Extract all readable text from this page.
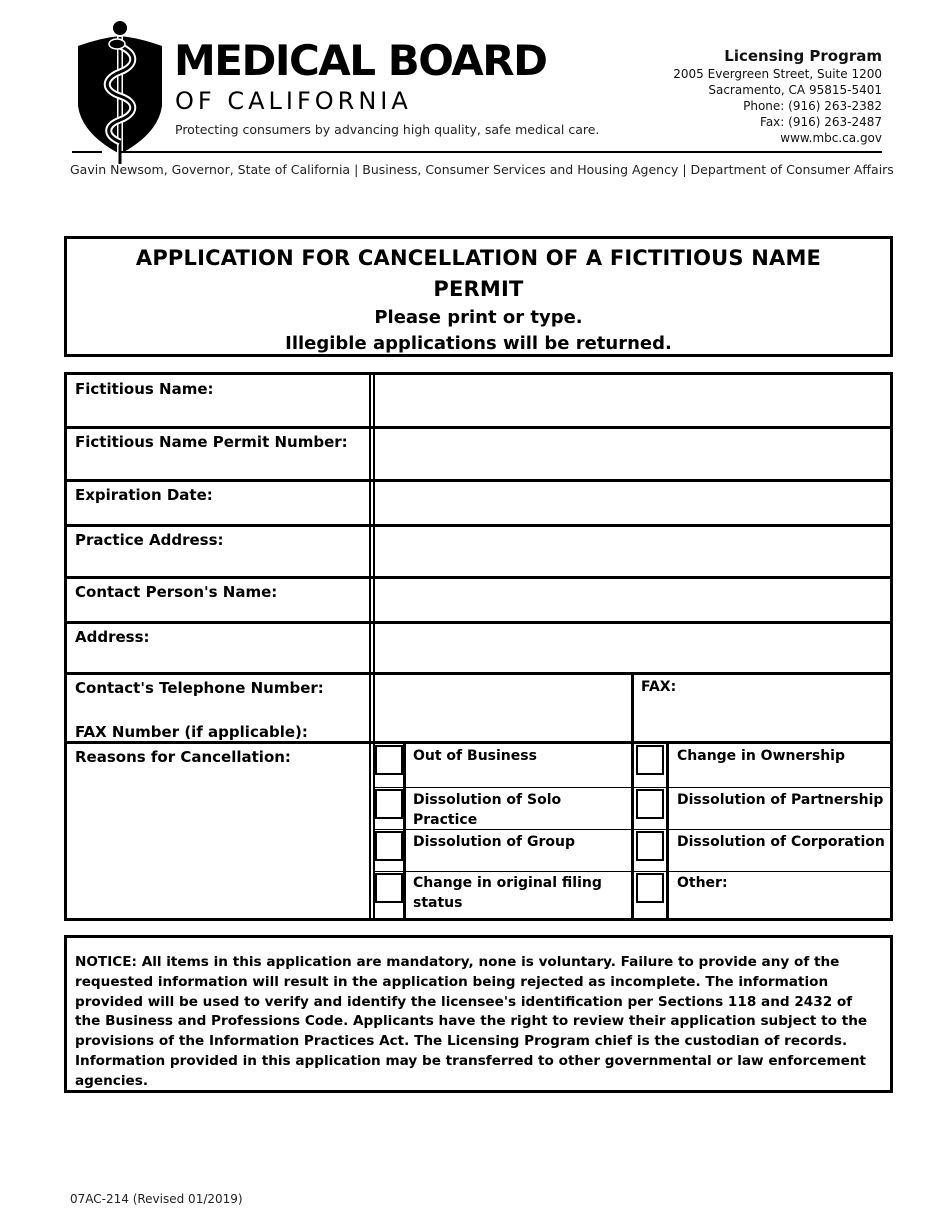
MEDICAL BOARD
OF CALIFORNIA
Protecting consumers by advancing high quality, safe medical care.
Licensing Program
2005 Evergreen Street, Suite 1200
Sacramento, CA 95815-5401
Phone: (916) 263-2382
Fax: (916) 263-2487
www.mbc.ca.gov
Gavin Newsom, Governor, State of California | Business, Consumer Services and Housing Agency | Department of Consumer Affairs
APPLICATION FOR CANCELLATION OF A FICTITIOUS NAME PERMIT
Please print or type.
Illegible applications will be returned.
Fictitious Name:
Fictitious Name Permit Number:
Expiration Date:
Practice Address:
Contact Person's Name:
Address:
Contact's Telephone Number:
FAX Number (if applicable):
Reasons for Cancellation:
FAX:
Out of Business	Change in Ownership
Dissolution of Solo Practice
Dissolution of Partnership
Dissolution of Group	Dissolution of Corporation
Change in original filing status
Other:
NOTICE: All items in this application are mandatory, none is voluntary. Failure to provide any of the requested information will result in the application being rejected as incomplete. The information provided will be used to verify and identify the licensee's identification per Sections 118 and 2432 of the Business and Professions Code. Applicants have the right to review their application subject to the provisions of the Information Practices Act. The Licensing Program chief is the custodian of records. Information provided in this application may be transferred to other governmental or law enforcement agencies.
07AC-214 (Revised 01/2019)
